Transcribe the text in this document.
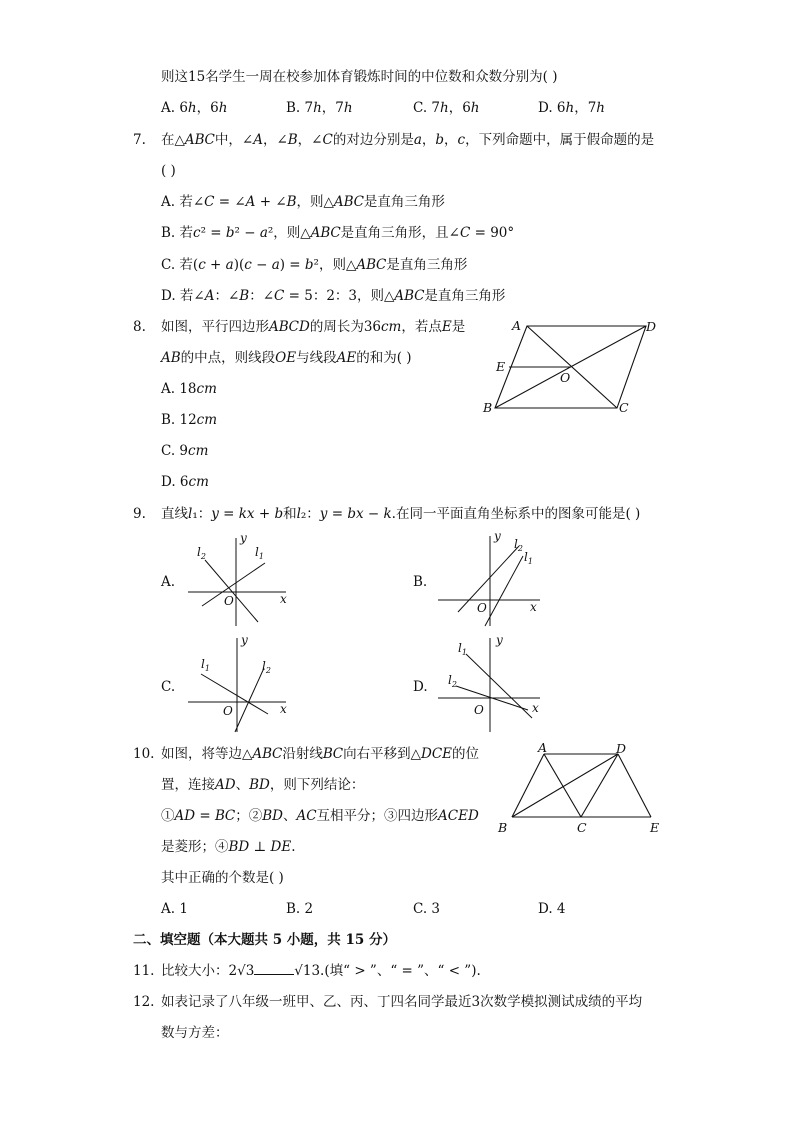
则这15名学生一周在校参加体育锻炼时间的中位数和众数分别为( )
A. 6ℎ，6ℎ	B. 7ℎ，7ℎ	C. 7ℎ，6ℎ	D. 6ℎ，7ℎ
7. 在△𝐴𝐵𝐶中，∠𝐴，∠𝐵，∠𝐶的对边分别是𝑎，𝑏，𝑐，下列命题中，属于假命题的是
( )
A. 若∠𝐶 = ∠𝐴 + ∠𝐵，则△𝐴𝐵𝐶是直角三角形
B. 若𝑐² = 𝑏² − 𝑎²，则△𝐴𝐵𝐶是直角三角形，且∠𝐶 = 90°
C. 若(𝑐 + 𝑎)(𝑐 − 𝑎) = 𝑏²，则△𝐴𝐵𝐶是直角三角形
D. 若∠𝐴：∠𝐵：∠𝐶 = 5：2：3，则△𝐴𝐵𝐶是直角三角形
8. 如图，平行四边形𝐴𝐵𝐶𝐷的周长为36𝑐𝑚，若点𝐸是
𝐴𝐵的中点，则线段𝑂𝐸与线段𝐴𝐸的和为( )
A. 18𝑐𝑚
B. 12𝑐𝑚
C. 9𝑐𝑚
D. 6𝑐𝑚
A	D
E
O
B	C
9. 直线𝑙₁：𝑦 = 𝑘𝑥 + 𝑏和𝑙₂：𝑦 = 𝑏𝑥 − 𝑘.在同一平面直角坐标系中的图象可能是( )
A.
x
y
O
$l_2$	$l_1$
B.
x
y
O
$l_2$
$l_1$
C.
x
y
O
$l_1$	$l_2$
D.
x
y
O
$l_1$
$l_2$
10. 如图，将等边△𝐴𝐵𝐶沿射线𝐵𝐶向右平移到△𝐷𝐶𝐸的位
置，连接𝐴𝐷、𝐵𝐷，则下列结论：
①𝐴𝐷 = 𝐵𝐶；②𝐵𝐷、𝐴𝐶互相平分；③四边形𝐴𝐶𝐸𝐷
是菱形；④𝐵𝐷 ⊥ 𝐷𝐸.
其中正确的个数是( )
A. 1	B. 2	C. 3	D. 4
A	D
B	C	E
二、填空题（本大题共 5 小题，共 15 分）
11. 比较大小：2√3	√13.(填“ > ”、“ = ”、“ < ”).
12. 如表记录了八年级一班甲、乙、丙、丁四名同学最近3次数学模拟测试成绩的平均
数与方差：
